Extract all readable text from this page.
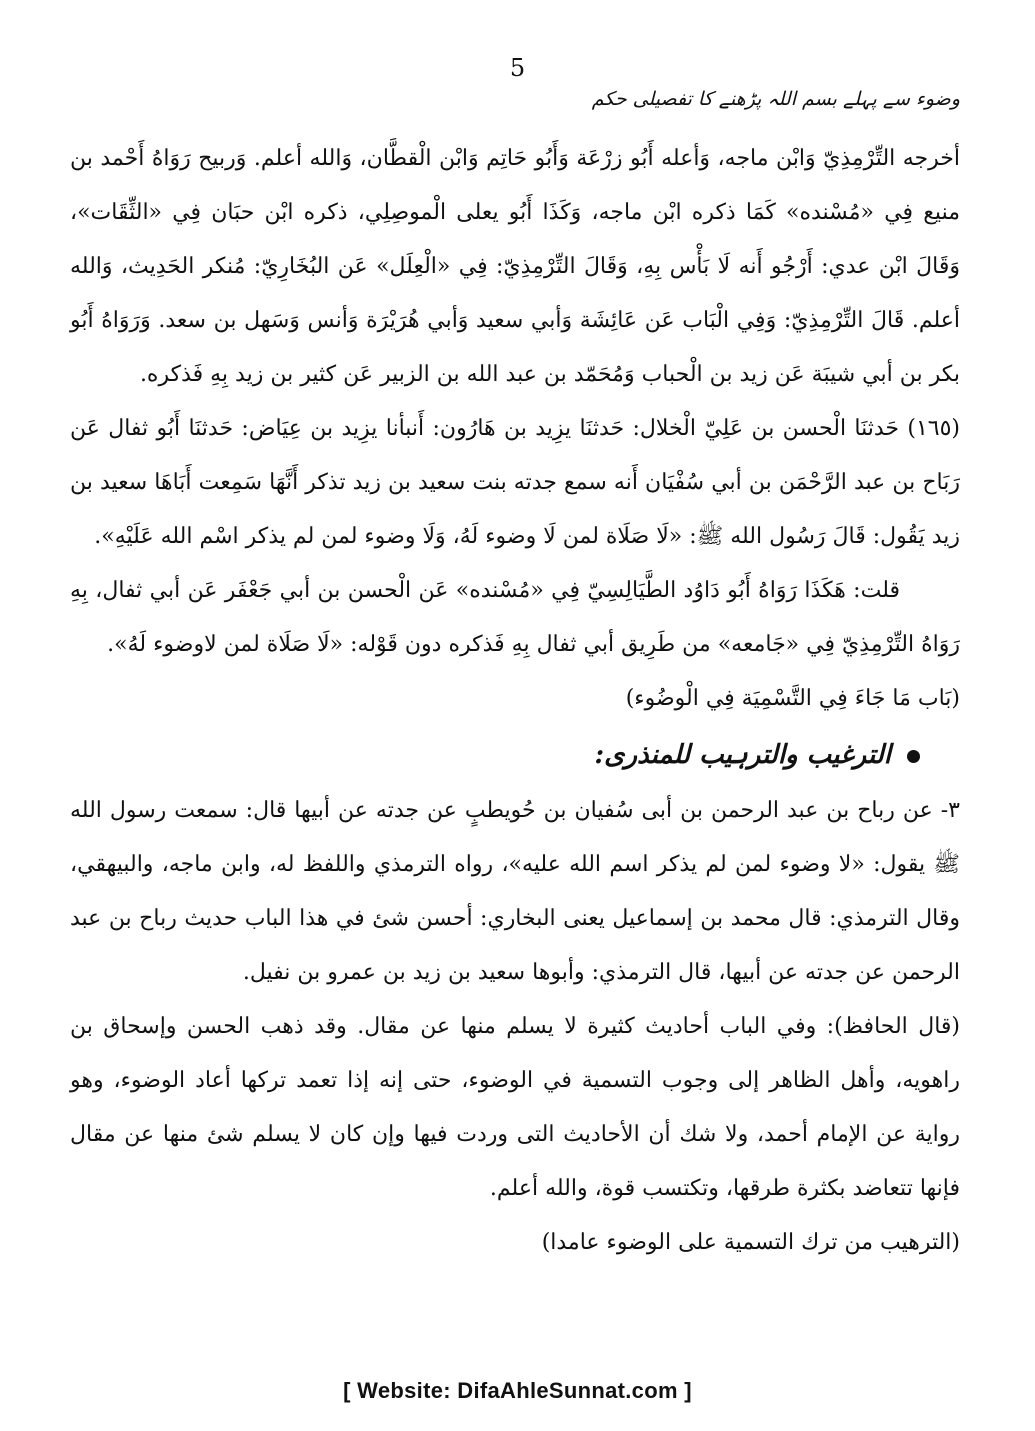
5
وضوء سے پہلے بسم اللہ پڑھنے کا تفصیلی حکم

أخرجه التِّرْمِذِيّ وَابْن ماجه، وَأعله أَبُو زرْعَة وَأَبُو حَاتِم وَابْن الْقطَّان، وَالله أعلم. وَربيح رَوَاهُ أَحْمد بن منيع فِي «مُسْنده» كَمَا ذكره ابْن ماجه، وَكَذَا أَبُو يعلى الْموصِلِي، ذكره ابْن حبَان فِي «الثِّقَات»، وَقَالَ ابْن عدي: أَرْجُو أَنه لَا بَأْس بِهِ، وَقَالَ التِّرْمِذِيّ: فِي «الْعِلَل» عَن البُخَارِيّ: مُنكر الحَدِيث، وَالله أعلم. قَالَ التِّرْمِذِيّ: وَفِي الْبَاب عَن عَائِشَة وَأبي سعيد وَأبي هُرَيْرَة وَأنس وَسَهل بن سعد. وَرَوَاهُ أَبُو بكر بن أبي شيبَة عَن زيد بن الْحباب وَمُحَمّد بن عبد الله بن الزبير عَن كثير بن زيد بِهِ فَذكره.

(١٦٥) حَدثنَا الْحسن بن عَلِيّ الْخلال: حَدثنَا يزِيد بن هَارُون: أَنبأنا يزِيد بن عِيَاض: حَدثنَا أَبُو ثفال عَن رَبَاح بن عبد الرَّحْمَن بن أبي سُفْيَان أَنه سمع جدته بنت سعيد بن زيد تذكر أَنَّهَا سَمِعت أَبَاهَا سعيد بن زيد يَقُول: قَالَ رَسُول الله ﷺ: «لَا صَلَاة لمن لَا وضوء لَهُ، وَلَا وضوء لمن لم يذكر اسْم الله عَلَيْهِ».

قلت: هَكَذَا رَوَاهُ أَبُو دَاوُد الطَّيَالِسِيّ فِي «مُسْنده» عَن الْحسن بن أبي جَعْفَر عَن أبي ثفال، بِهِ رَوَاهُ التِّرْمِذِيّ فِي «جَامعه» من طَرِيق أبي ثفال بِهِ فَذكره دون قَوْله: «لَا صَلَاة لمن لاوضوء لَهُ».

(بَاب مَا جَاءَ فِي التَّسْمِيَة فِي الْوضُوء)

الترغیب والترہیب للمنذری:

٣- عن رباح بن عبد الرحمن بن أبى سُفيان بن حُويطبٍ عن جدته عن أبيها قال: سمعت رسول الله ﷺ يقول: «لا وضوء لمن لم يذكر اسم الله عليه»، رواه الترمذي واللفظ له، وابن ماجه، والبيهقي، وقال الترمذي: قال محمد بن إسماعيل يعنى البخاري: أحسن شئ في هذا الباب حديث رباح بن عبد الرحمن عن جدته عن أبيها، قال الترمذي: وأبوها سعيد بن زيد بن عمرو بن نفيل.

(قال الحافظ): وفي الباب أحاديث كثيرة لا يسلم منها عن مقال. وقد ذهب الحسن وإسحاق بن راهويه، وأهل الظاهر إلى وجوب التسمية في الوضوء، حتى إنه إذا تعمد تركها أعاد الوضوء، وهو رواية عن الإمام أحمد، ولا شك أن الأحاديث التى وردت فيها وإن كان لا يسلم شئ منها عن مقال فإنها تتعاضد بكثرة طرقها، وتكتسب قوة، والله أعلم.

(الترهيب من ترك التسمية على الوضوء عامدا)

[ Website: DifaAhleSunnat.com ]
